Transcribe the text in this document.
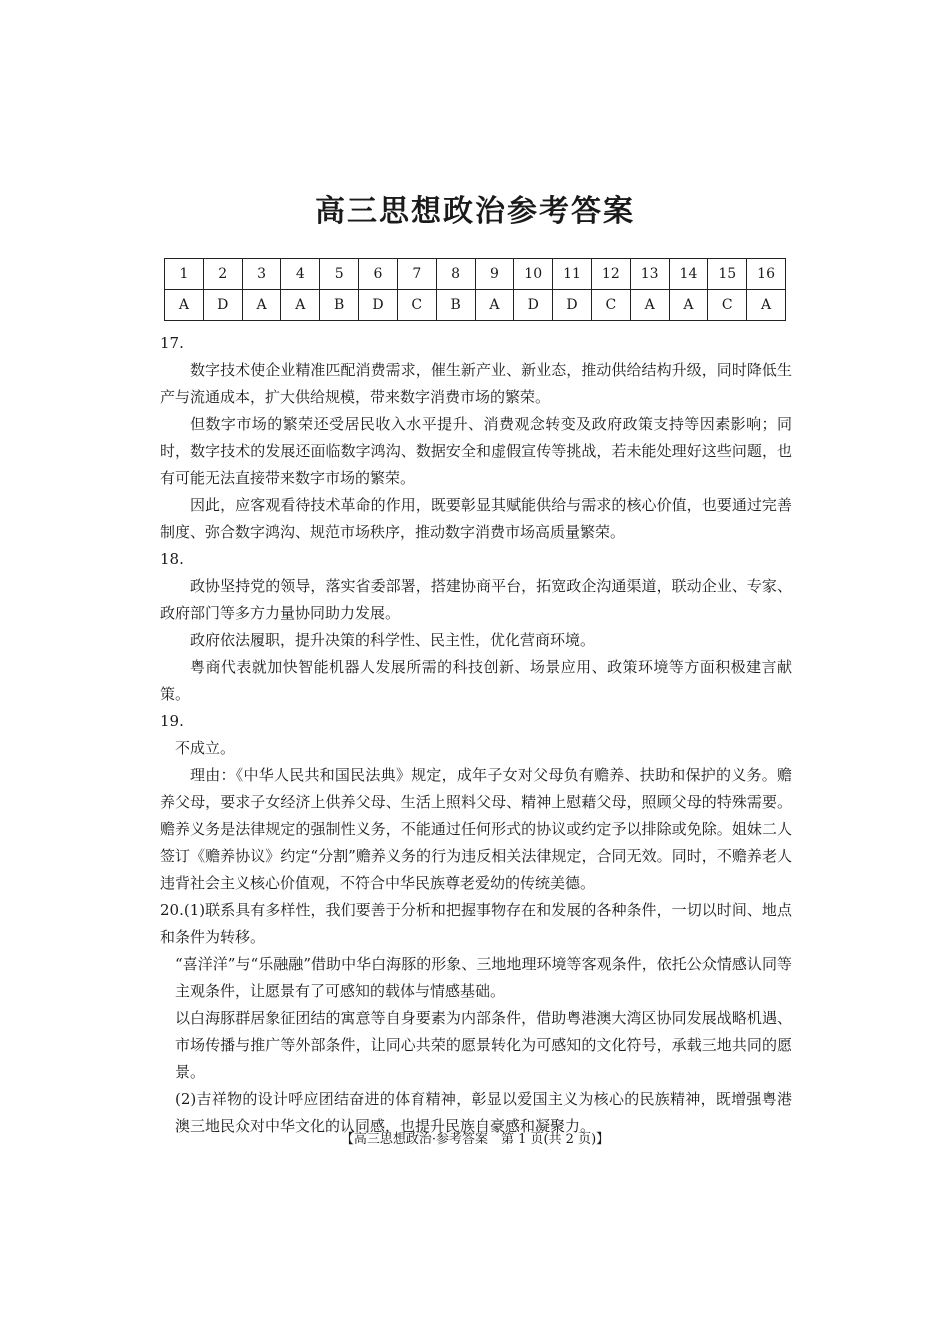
高三思想政治参考答案
1	2	3	4	5	6	7	8	9	10	11	12	13	14	15	16
A	D	A	A	B	D	C	B	A	D	D	C	A	A	C	A

17.

数字技术使企业精准匹配消费需求，催生新产业、新业态，推动供给结构升级，同时降低生产与流通成本，扩大供给规模，带来数字消费市场的繁荣。

但数字市场的繁荣还受居民收入水平提升、消费观念转变及政府政策支持等因素影响；同时，数字技术的发展还面临数字鸿沟、数据安全和虚假宣传等挑战，若未能处理好这些问题，也有可能无法直接带来数字市场的繁荣。

因此，应客观看待技术革命的作用，既要彰显其赋能供给与需求的核心价值，也要通过完善制度、弥合数字鸿沟、规范市场秩序，推动数字消费市场高质量繁荣。

18.

政协坚持党的领导，落实省委部署，搭建协商平台，拓宽政企沟通渠道，联动企业、专家、政府部门等多方力量协同助力发展。

政府依法履职，提升决策的科学性、民主性，优化营商环境。

粤商代表就加快智能机器人发展所需的科技创新、场景应用、政策环境等方面积极建言献策。

19.

不成立。

理由：《中华人民共和国民法典》规定，成年子女对父母负有赡养、扶助和保护的义务。赡养父母，要求子女经济上供养父母、生活上照料父母、精神上慰藉父母，照顾父母的特殊需要。赡养义务是法律规定的强制性义务，不能通过任何形式的协议或约定予以排除或免除。姐妹二人签订《赡养协议》约定“分割”赡养义务的行为违反相关法律规定，合同无效。同时，不赡养老人违背社会主义核心价值观，不符合中华民族尊老爱幼的传统美德。

20.(1)联系具有多样性，我们要善于分析和把握事物存在和发展的各种条件，一切以时间、地点和条件为转移。

“喜洋洋”与“乐融融”借助中华白海豚的形象、三地地理环境等客观条件，依托公众情感认同等主观条件，让愿景有了可感知的载体与情感基础。

以白海豚群居象征团结的寓意等自身要素为内部条件，借助粤港澳大湾区协同发展战略机遇、市场传播与推广等外部条件，让同心共荣的愿景转化为可感知的文化符号，承载三地共同的愿景。

(2)吉祥物的设计呼应团结奋进的体育精神，彰显以爱国主义为核心的民族精神，既增强粤港澳三地民众对中华文化的认同感，也提升民族自豪感和凝聚力。

【高三思想政治·参考答案　第 1 页(共 2 页)】
